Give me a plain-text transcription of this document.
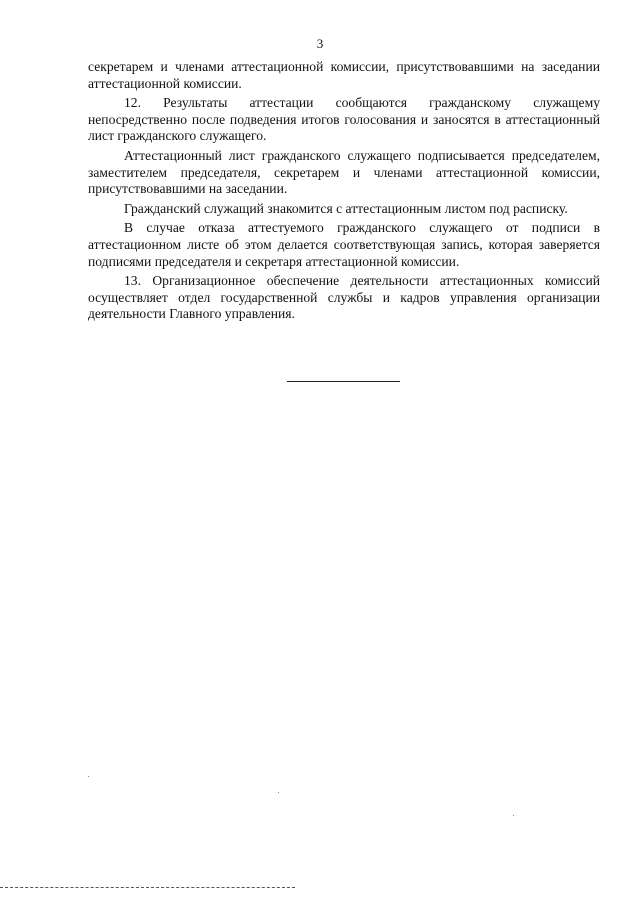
3

секретарем и членами аттестационной комиссии, присутствовавшими на заседании аттестационной комиссии.

12. Результаты аттестации сообщаются гражданскому служащему непосредственно после подведения итогов голосования и заносятся в аттестационный лист гражданского служащего.

Аттестационный лист гражданского служащего подписывается председателем, заместителем председателя, секретарем и членами аттестационной комиссии, присутствовавшими на заседании.

Гражданский служащий знакомится с аттестационным листом под расписку.

В случае отказа аттестуемого гражданского служащего от подписи в аттестационном листе об этом делается соответствующая запись, которая заверяется подписями председателя и секретаря аттестационной комиссии.

13. Организационное обеспечение деятельности аттестационных комиссий осуществляет отдел государственной службы и кадров управления организации деятельности Главного управления.
